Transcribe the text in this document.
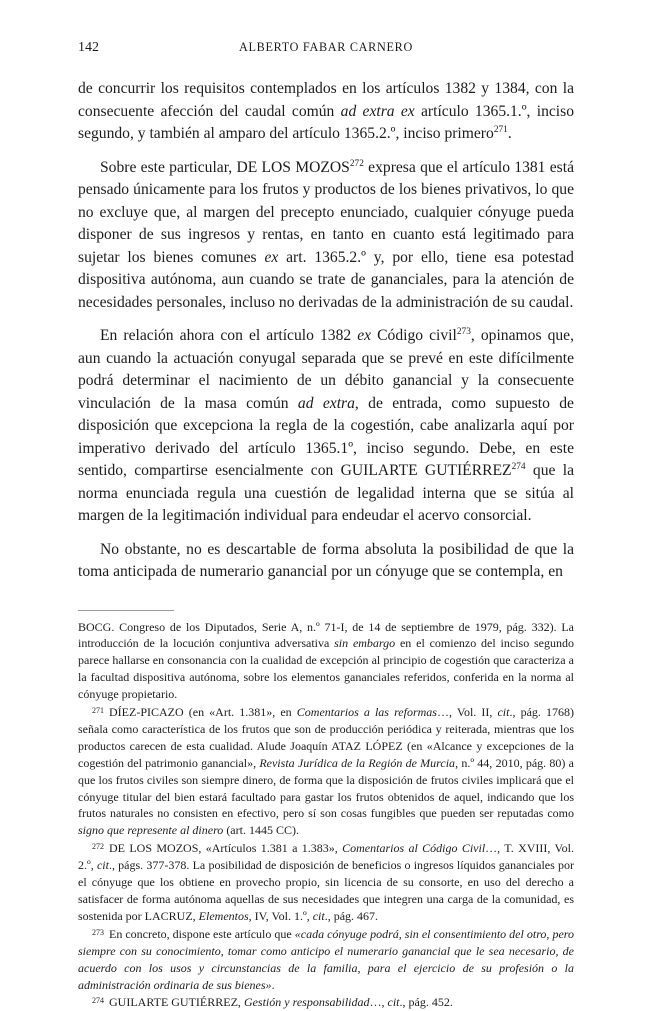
142	ALBERTO FABAR CARNERO

de concurrir los requisitos contemplados en los artículos 1382 y 1384, con la consecuente afección del caudal común ad extra ex artículo 1365.1.º, inciso segundo, y también al amparo del artículo 1365.2.º, inciso primero$^{271}$.

Sobre este particular, DE LOS MOZOS$^{272}$ expresa que el artículo 1381 está pensado únicamente para los frutos y productos de los bienes privativos, lo que no excluye que, al margen del precepto enunciado, cualquier cónyuge pueda disponer de sus ingresos y rentas, en tanto en cuanto está legitimado para sujetar los bienes comunes ex art. 1365.2.º y, por ello, tiene esa potestad dispositiva autónoma, aun cuando se trate de gananciales, para la atención de necesidades personales, incluso no derivadas de la administración de su caudal.

En relación ahora con el artículo 1382 ex Código civil$^{273}$, opinamos que, aun cuando la actuación conyugal separada que se prevé en este difícilmente podrá determinar el nacimiento de un débito ganancial y la consecuente vinculación de la masa común ad extra, de entrada, como supuesto de disposición que excepciona la regla de la cogestión, cabe analizarla aquí por imperativo derivado del artículo 1365.1º, inciso segundo. Debe, en este sentido, compartirse esencialmente con GUILARTE GUTIÉRREZ$^{274}$ que la norma enunciada regula una cuestión de legalidad interna que se sitúa al margen de la legitimación individual para endeudar el acervo consorcial.

No obstante, no es descartable de forma absoluta la posibilidad de que la toma anticipada de numerario ganancial por un cónyuge que se contempla, en

BOCG. Congreso de los Diputados, Serie A, n.º 71-I, de 14 de septiembre de 1979, pág. 332). La introducción de la locución conjuntiva adversativa sin embargo en el comienzo del inciso segundo parece hallarse en consonancia con la cualidad de excepción al principio de cogestión que caracteriza a la facultad dispositiva autónoma, sobre los elementos gananciales referidos, conferida en la norma al cónyuge propietario.

$^{271}$ DÍEZ-PICAZO (en «Art. 1.381», en Comentarios a las reformas…, Vol. II, cit., pág. 1768) señala como característica de los frutos que son de producción periódica y reiterada, mientras que los productos carecen de esta cualidad. Alude Joaquín ATAZ LÓPEZ (en «Alcance y excepciones de la cogestión del patrimonio ganancial», Revista Jurídica de la Región de Murcia, n.º 44, 2010, pág. 80) a que los frutos civiles son siempre dinero, de forma que la disposición de frutos civiles implicará que el cónyuge titular del bien estará facultado para gastar los frutos obtenidos de aquel, indicando que los frutos naturales no consisten en efectivo, pero sí son cosas fungibles que pueden ser reputadas como signo que represente al dinero (art. 1445 CC).

$^{272}$ DE LOS MOZOS, «Artículos 1.381 a 1.383», Comentarios al Código Civil…, T. XVIII, Vol. 2.º, cit., págs. 377-378. La posibilidad de disposición de beneficios o ingresos líquidos gananciales por el cónyuge que los obtiene en provecho propio, sin licencia de su consorte, en uso del derecho a satisfacer de forma autónoma aquellas de sus necesidades que integren una carga de la comunidad, es sostenida por LACRUZ, Elementos, IV, Vol. 1.º, cit., pág. 467.

$^{273}$ En concreto, dispone este artículo que «cada cónyuge podrá, sin el consentimiento del otro, pero siempre con su conocimiento, tomar como anticipo el numerario ganancial que le sea necesario, de acuerdo con los usos y circunstancias de la familia, para el ejercicio de su profesión o la administración ordinaria de sus bienes».

$^{274}$ GUILARTE GUTIÉRREZ, Gestión y responsabilidad…, cit., pág. 452.
